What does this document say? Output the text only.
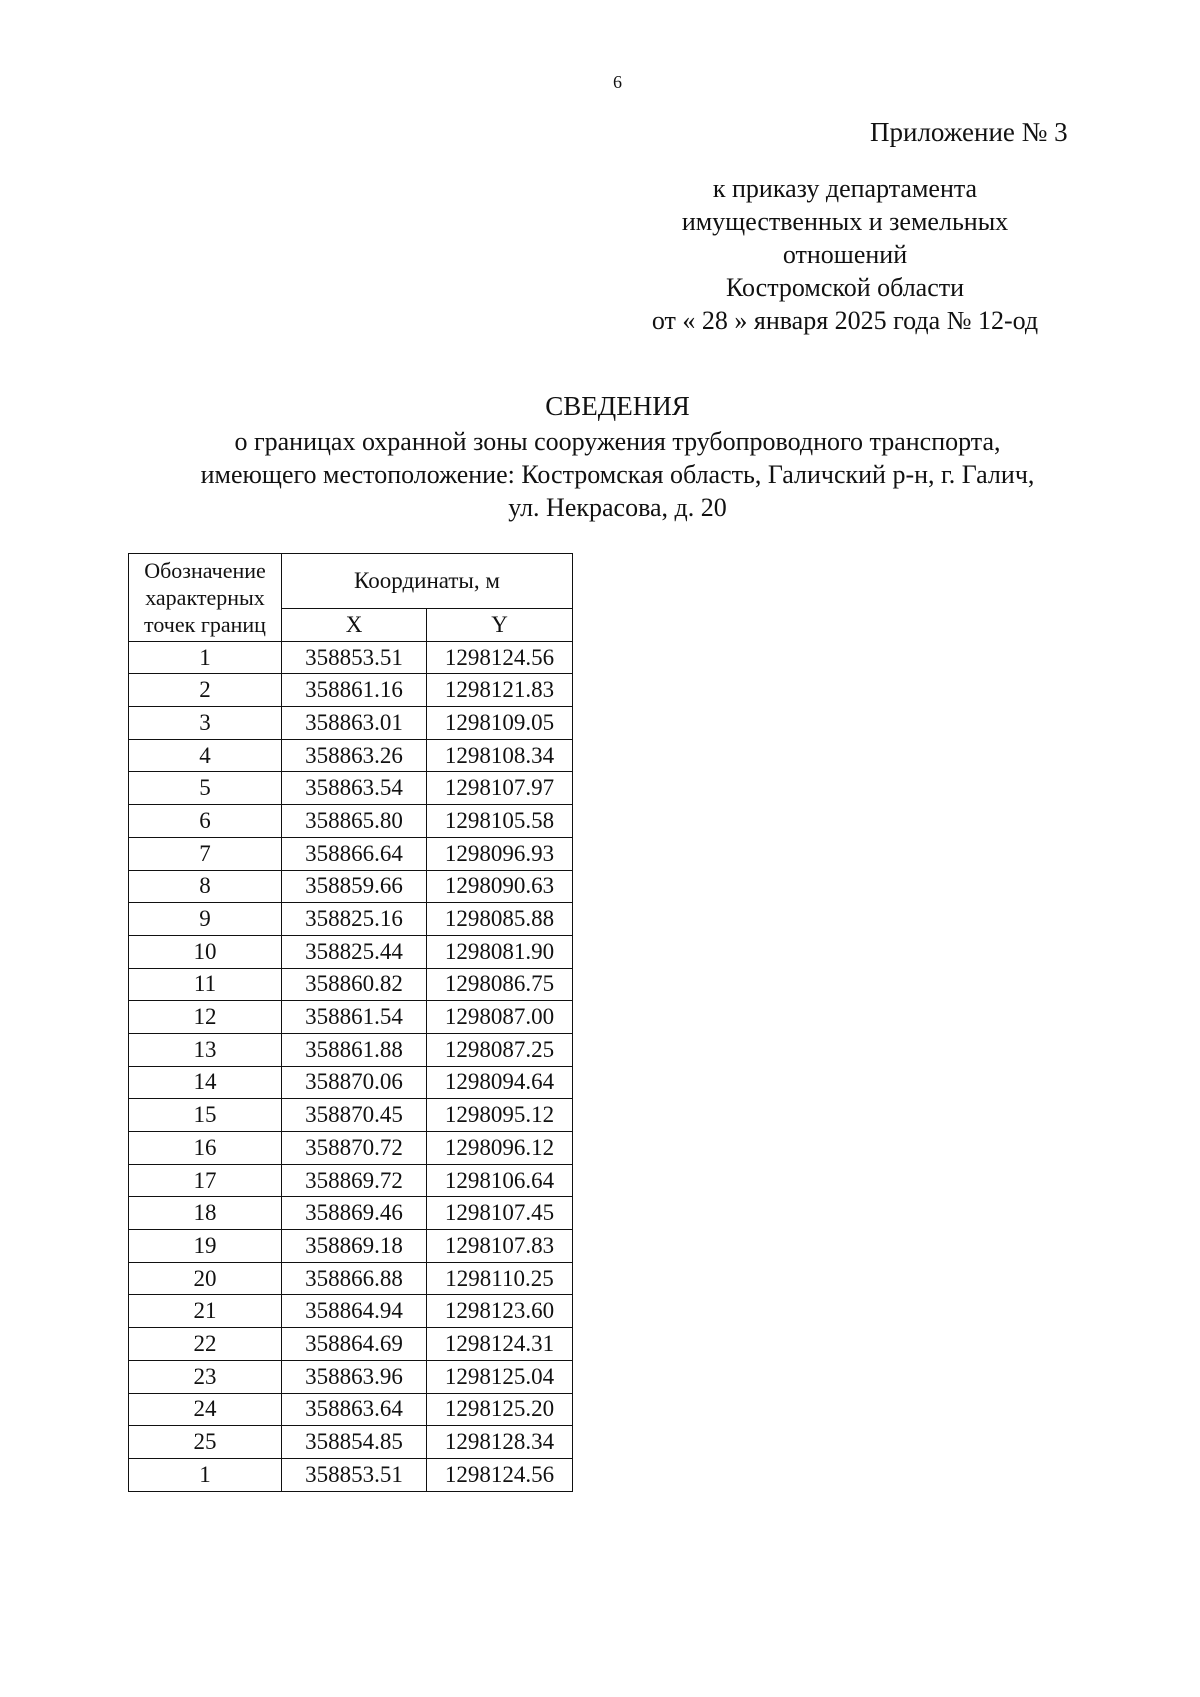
6
Приложение № 3
к приказу департамента
имущественных и земельных
отношений
Костромской области
от « 28 » января 2025 года № 12-од
СВЕДЕНИЯ
о границах охранной зоны сооружения трубопроводного транспорта,
имеющего местоположение: Костромская область, Галичский р-н, г. Галич,
ул. Некрасова, д. 20
Обозначение
характерных
точек границ	Координаты, м	
	X	Y
1	358853.51	1298124.56
2	358861.16	1298121.83
3	358863.01	1298109.05
4	358863.26	1298108.34
5	358863.54	1298107.97
6	358865.80	1298105.58
7	358866.64	1298096.93
8	358859.66	1298090.63
9	358825.16	1298085.88
10	358825.44	1298081.90
11	358860.82	1298086.75
12	358861.54	1298087.00
13	358861.88	1298087.25
14	358870.06	1298094.64
15	358870.45	1298095.12
16	358870.72	1298096.12
17	358869.72	1298106.64
18	358869.46	1298107.45
19	358869.18	1298107.83
20	358866.88	1298110.25
21	358864.94	1298123.60
22	358864.69	1298124.31
23	358863.96	1298125.04
24	358863.64	1298125.20
25	358854.85	1298128.34
1	358853.51	1298124.56
